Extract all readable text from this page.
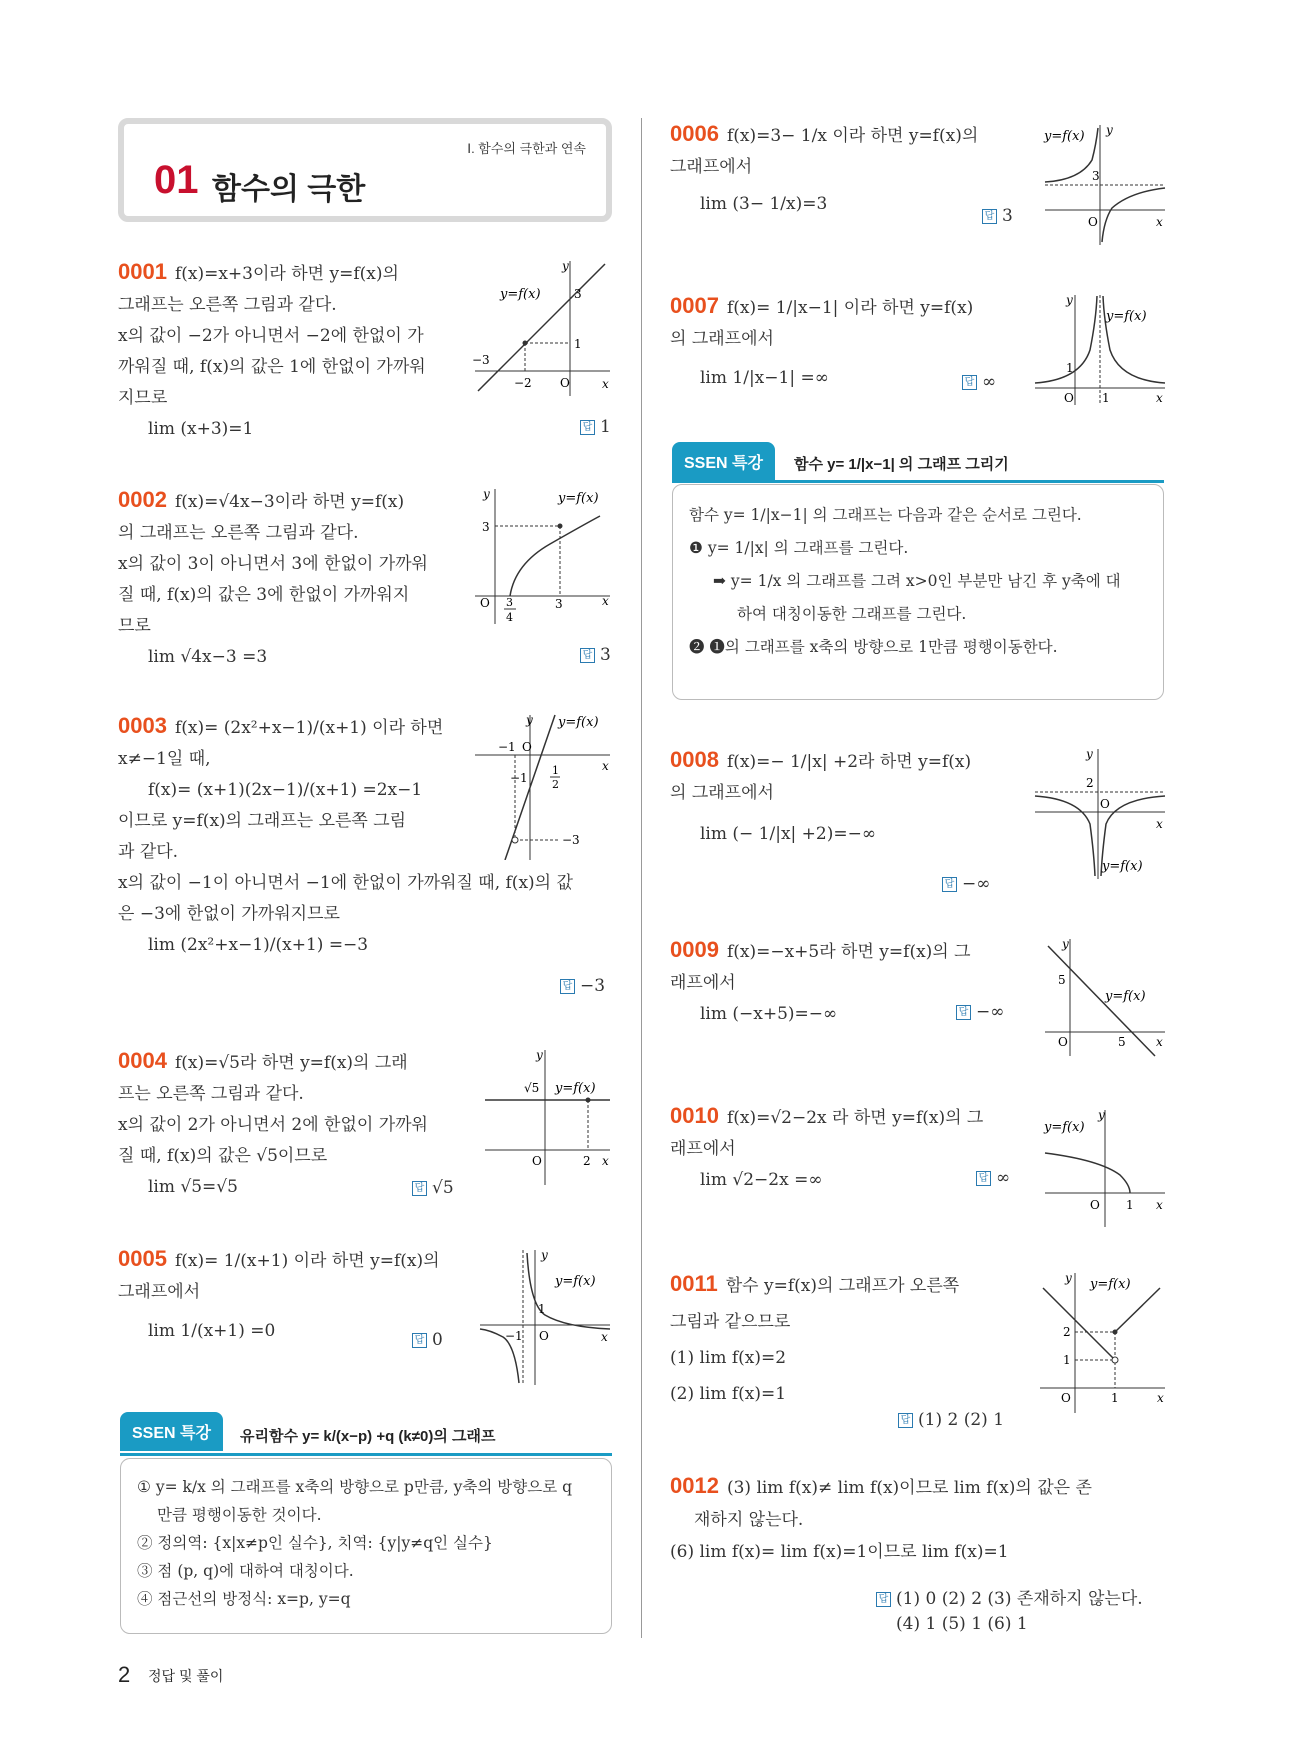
Ⅰ. 함수의 극한과 연속
01 함수의 극한
0001 f(x)=x+3이라 하면 y=f(x)의
그래프는 오른쪽 그림과 같다.
x의 값이 −2가 아니면서 −2에 한없이 가
까워질 때, f(x)의 값은 1에 한없이 가까워
지므로
lim (x+3)=1	답 1
y=f(x)
y
x
O
3
1
−3
−2
0002 f(x)=√4x−3이라 하면 y=f(x)
의 그래프는 오른쪽 그림과 같다.
x의 값이 3이 아니면서 3에 한없이 가까워
질 때, f(x)의 값은 3에 한없이 가까워지
므로
lim √4x−3 =3	답 3
y=f(x)
y
x
O
3
3
3
4
0003 f(x)= (2x²+x−1)/(x+1) 이라 하면
x≠−1일 때,
f(x)= (x+1)(2x−1)/(x+1) =2x−1
이므로 y=f(x)의 그래프는 오른쪽 그림
과 같다.
x의 값이 −1이 아니면서 −1에 한없이 가까워질 때, f(x)의 값
은 −3에 한없이 가까워지므로
lim (2x²+x−1)/(x+1) =−3
답 −3
y=f(x)
y
x
O
−1
−1
1
2
−3
0004 f(x)=√5라 하면 y=f(x)의 그래
프는 오른쪽 그림과 같다.
x의 값이 2가 아니면서 2에 한없이 가까워
질 때, f(x)의 값은 √5이므로
lim √5=√5	답 √5
y=f(x)
y
x
O
√5
2
0005 f(x)= 1/(x+1) 이라 하면 y=f(x)의
그래프에서
lim 1/(x+1) =0	답 0
y=f(x)
y
x
O
1
−1
SSEN 특강	유리함수 y= k/(x−p) +q (k≠0)의 그래프
① y= k/x 의 그래프를 x축의 방향으로 p만큼, y축의 방향으로 q
만큼 평행이동한 것이다.
② 정의역: {x|x≠p인 실수}, 치역: {y|y≠q인 실수}
③ 점 (p, q)에 대하여 대칭이다.
④ 점근선의 방정식: x=p, y=q
0006 f(x)=3− 1/x 이라 하면 y=f(x)의
그래프에서
lim (3− 1/x)=3
답 3
y=f(x) y
x
O
3
0007 f(x)= 1/|x−1| 이라 하면 y=f(x)
의 그래프에서
lim 1/|x−1| =∞	답 ∞
y=f(x)
y
x
O
1
1
SSEN 특강	함수 y= 1/|x−1| 의 그래프 그리기
함수 y= 1/|x−1| 의 그래프는 다음과 같은 순서로 그린다.
❶ y= 1/|x| 의 그래프를 그린다.
➡ y= 1/x 의 그래프를 그려 x>0인 부분만 남긴 후 y축에 대
하여 대칭이동한 그래프를 그린다.
❷ ❶의 그래프를 x축의 방향으로 1만큼 평행이동한다.
0008 f(x)=− 1/|x| +2라 하면 y=f(x)
의 그래프에서
lim (− 1/|x| +2)=−∞
답 −∞
y=f(x)
y
x
O
2
0009 f(x)=−x+5라 하면 y=f(x)의 그
래프에서
lim (−x+5)=−∞	답 −∞
y=f(x)
y
x
O
5
5
0010 f(x)=√2−2x 라 하면 y=f(x)의 그
래프에서
lim √2−2x =∞	답 ∞
y=f(x)
y
x
O 1
0011 함수 y=f(x)의 그래프가 오른쪽
그림과 같으므로
(1) lim f(x)=2
(2) lim f(x)=1
답 (1) 2 (2) 1
y=f(x)
y
x
O
2
1
1
0012 (3) lim f(x)≠ lim f(x)이므로 lim f(x)의 값은 존
재하지 않는다.
(6) lim f(x)= lim f(x)=1이므로 lim f(x)=1
답 (1) 0 (2) 2 (3) 존재하지 않는다.
(4) 1 (5) 1 (6) 1
2 정답 및 풀이
